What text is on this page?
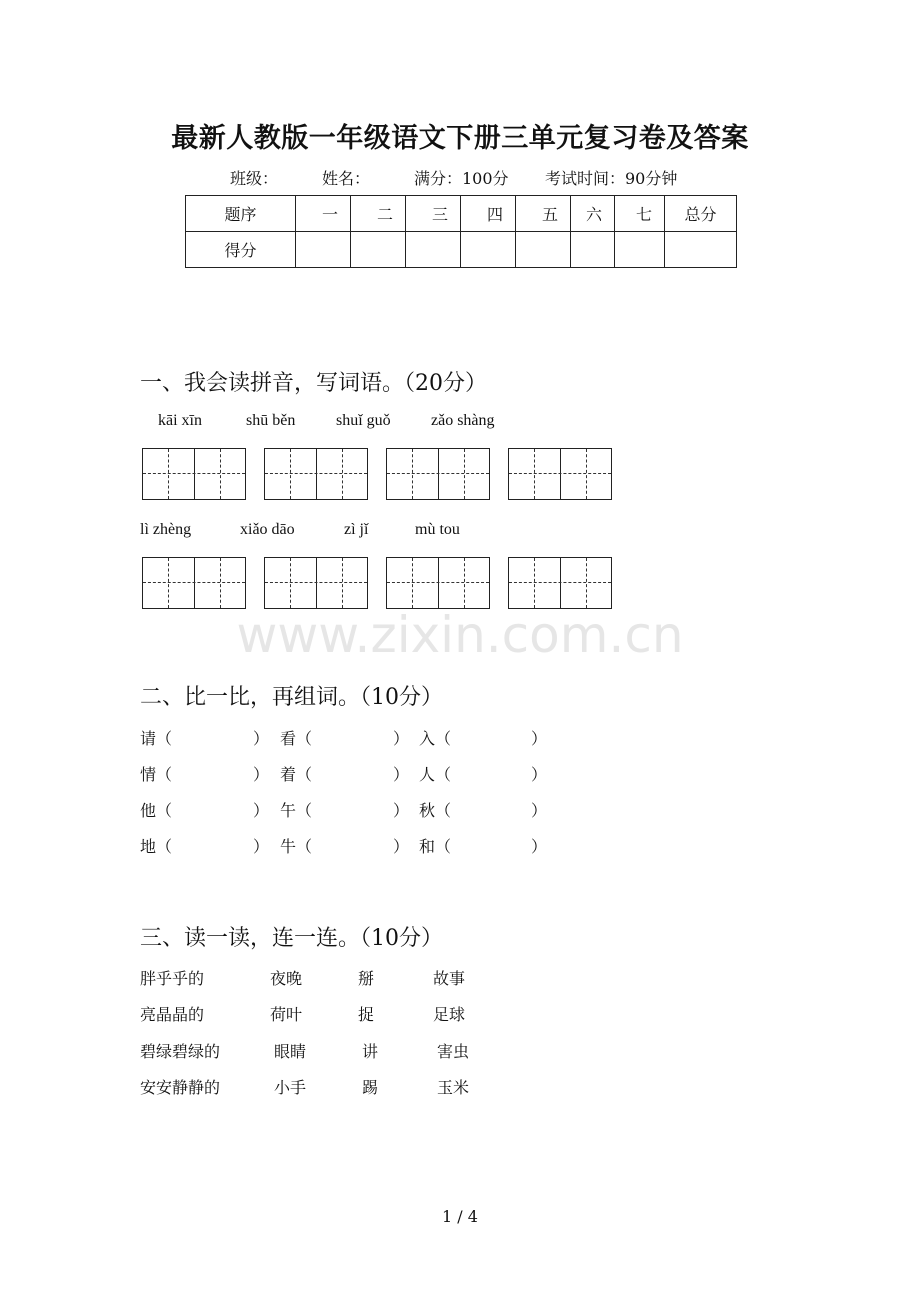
最新人教版一年级语文下册三单元复习卷及答案
班级：	姓名：	满分：100分 考试时间：90分钟
题序	一	二	三	四	五	六	七	总分
得分								
一、我会读拼音，写词语。（20分）
kāi xīn	shū běn	shuǐ guǒ	zǎo shàng
lì zhèng	xiǎo dāo	zì jǐ	mù tou
www.zixin.com.cn
二、比一比，再组词。（10分）
请（	） 看（	） 入（	）
情（	） 着（	） 人（	）
他（	） 午（	） 秋（	）
地（	） 牛（	） 和（	）
三、读一读，连一连。（10分）
胖乎乎的	夜晚	掰	故事
亮晶晶的	荷叶	捉	足球
碧绿碧绿的	眼睛	讲	害虫
安安静静的	小手	踢	玉米
1 / 4
